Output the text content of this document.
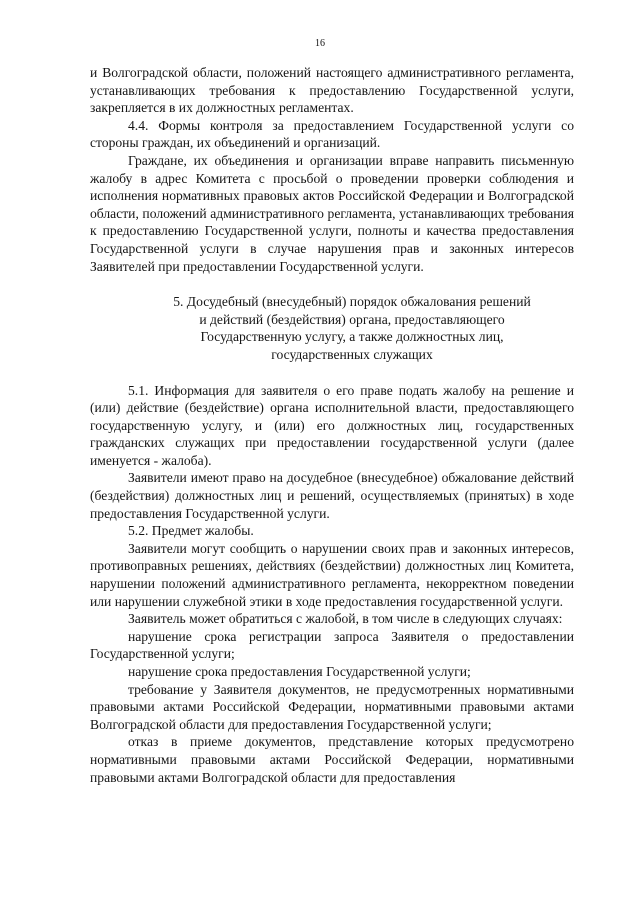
16

и Волгоградской области, положений настоящего административного регламента, устанавливающих требования к предоставлению Государственной услуги, закрепляется в их должностных регламентах.

4.4. Формы контроля за предоставлением Государственной услуги со стороны граждан, их объединений и организаций.

Граждане, их объединения и организации вправе направить письменную жалобу в адрес Комитета с просьбой о проведении проверки соблюдения и исполнения нормативных правовых актов Российской Федерации и Волгоградской области, положений административного регламента, устанавливающих требования к предоставлению Государственной услуги, полноты и качества предоставления Государственной услуги в случае нарушения прав и законных интересов Заявителей при предоставлении Государственной услуги.

5. Досудебный (внесудебный) порядок обжалования решений
и действий (бездействия) органа, предоставляющего
Государственную услугу, а также должностных лиц,
государственных служащих

5.1. Информация для заявителя о его праве подать жалобу на решение и (или) действие (бездействие) органа исполнительной власти, предоставляющего государственную услугу, и (или) его должностных лиц, государственных гражданских служащих при предоставлении государственной услуги (далее именуется - жалоба).

Заявители имеют право на досудебное (внесудебное) обжалование действий (бездействия) должностных лиц и решений, осуществляемых (принятых) в ходе предоставления Государственной услуги.

5.2. Предмет жалобы.

Заявители могут сообщить о нарушении своих прав и законных интересов, противоправных решениях, действиях (бездействии) должностных лиц Комитета, нарушении положений административного регламента, некорректном поведении или нарушении служебной этики в ходе предоставления государственной услуги.

Заявитель может обратиться с жалобой, в том числе в следующих случаях:

нарушение срока регистрации запроса Заявителя о предоставлении Государственной услуги;

нарушение срока предоставления Государственной услуги;

требование у Заявителя документов, не предусмотренных нормативными правовыми актами Российской Федерации, нормативными правовыми актами Волгоградской области для предоставления Государственной услуги;

отказ в приеме документов, представление которых предусмотрено нормативными правовыми актами Российской Федерации, нормативными правовыми актами Волгоградской области для предоставления
